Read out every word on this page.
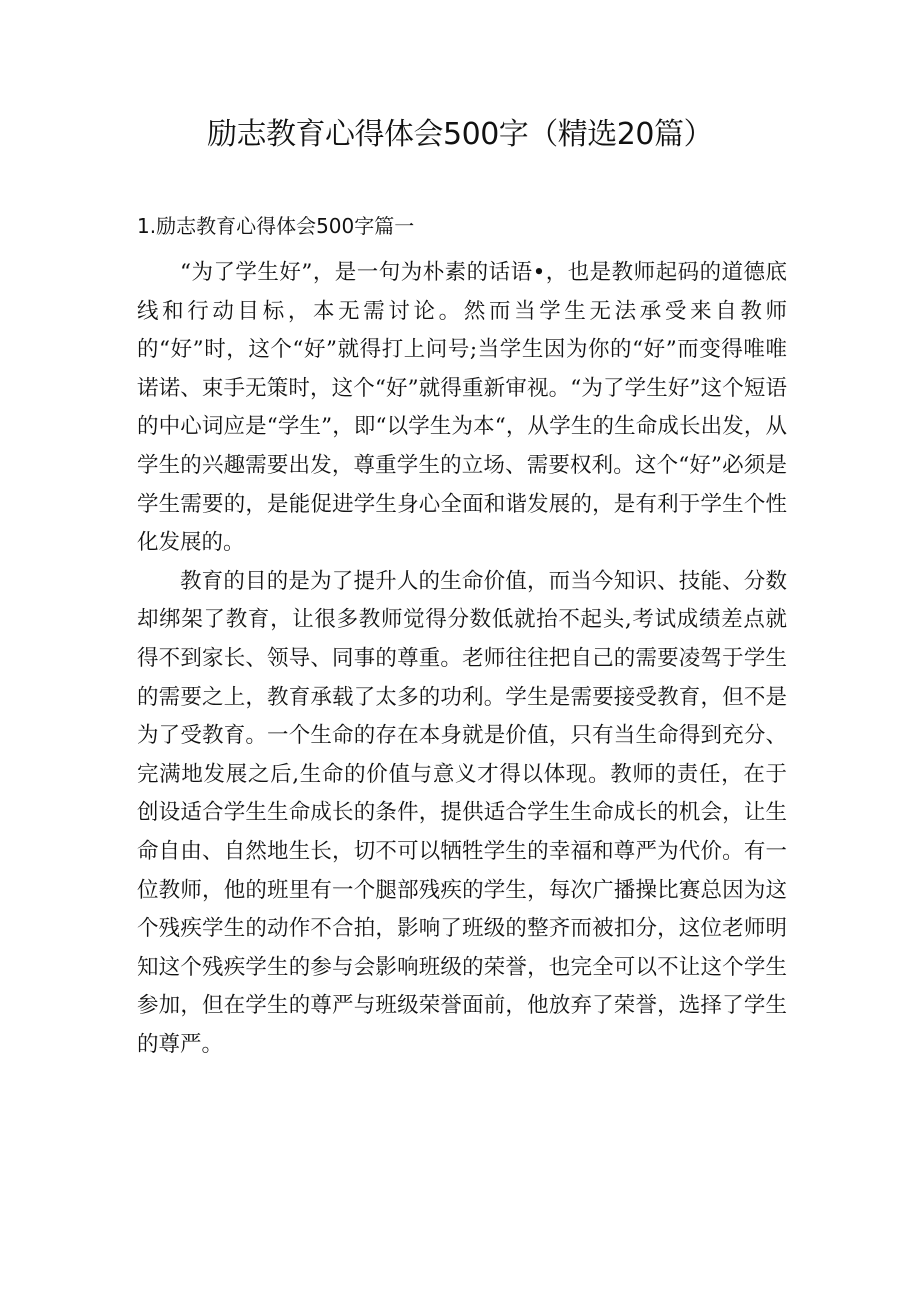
励志教育心得体会500字（精选20篇）
1.励志教育心得体会500字篇一

“为了学生好”，是一句为朴素的话语•，也是教师起码的道德底线和行动目标，本无需讨论。然而当学生无法承受来自教师的“好”时，这个“好”就得打上问号;当学生因为你的“好”而变得唯唯诺诺、束手无策时，这个“好”就得重新审视。“为了学生好”这个短语的中心词应是“学生”，即“以学生为本“，从学生的生命成长出发，从学生的兴趣需要出发，尊重学生的立场、需要权利。这个“好”必须是学生需要的，是能促进学生身心全面和谐发展的，是有利于学生个性化发展的。

教育的目的是为了提升人的生命价值，而当今知识、技能、分数却绑架了教育，让很多教师觉得分数低就抬不起头,考试成绩差点就得不到家长、领导、同事的尊重。老师往往把自己的需要凌驾于学生的需要之上，教育承载了太多的功利。学生是需要接受教育，但不是为了受教育。一个生命的存在本身就是价值，只有当生命得到充分、完满地发展之后,生命的价值与意义才得以体现。教师的责任，在于创设适合学生生命成长的条件，提供适合学生生命成长的机会，让生命自由、自然地生长，切不可以牺牲学生的幸福和尊严为代价。有一位教师，他的班里有一个腿部残疾的学生，每次广播操比赛总因为这个残疾学生的动作不合拍，影响了班级的整齐而被扣分，这位老师明知这个残疾学生的参与会影响班级的荣誉，也完全可以不让这个学生参加，但在学生的尊严与班级荣誉面前，他放弃了荣誉，选择了学生的尊严。
